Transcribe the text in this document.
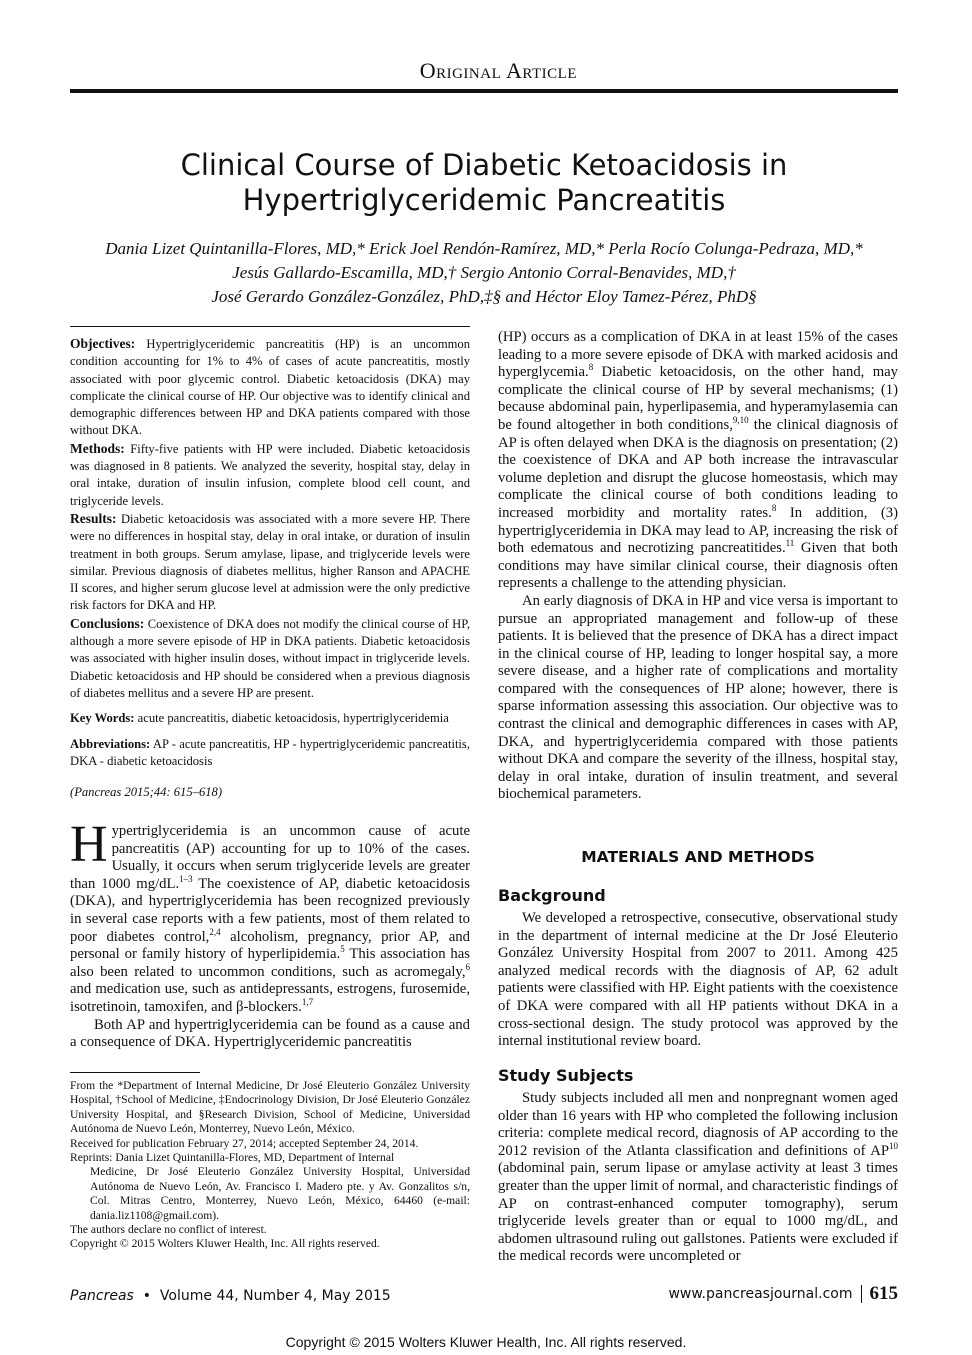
Original Article
Clinical Course of Diabetic Ketoacidosis in
Hypertriglyceridemic Pancreatitis
Dania Lizet Quintanilla-Flores, MD,* Erick Joel Rendón-Ramírez, MD,* Perla Rocío Colunga-Pedraza, MD,*
Jesús Gallardo-Escamilla, MD,† Sergio Antonio Corral-Benavides, MD,†
José Gerardo González-González, PhD,‡§ and Héctor Eloy Tamez-Pérez, PhD§

Objectives: Hypertriglyceridemic pancreatitis (HP) is an uncommon condition accounting for 1% to 4% of cases of acute pancreatitis, mostly associated with poor glycemic control. Diabetic ketoacidosis (DKA) may complicate the clinical course of HP. Our objective was to identify clinical and demographic differences between HP and DKA patients compared with those without DKA.

Methods: Fifty-five patients with HP were included. Diabetic ketoacidosis was diagnosed in 8 patients. We analyzed the severity, hospital stay, delay in oral intake, duration of insulin infusion, complete blood cell count, and triglyceride levels.

Results: Diabetic ketoacidosis was associated with a more severe HP. There were no differences in hospital stay, delay in oral intake, or duration of insulin treatment in both groups. Serum amylase, lipase, and triglyceride levels were similar. Previous diagnosis of diabetes mellitus, higher Ranson and APACHE II scores, and higher serum glucose level at admission were the only predictive risk factors for DKA and HP.

Conclusions: Coexistence of DKA does not modify the clinical course of HP, although a more severe episode of HP in DKA patients. Diabetic ketoacidosis was associated with higher insulin doses, without impact in triglyceride levels. Diabetic ketoacidosis and HP should be considered when a previous diagnosis of diabetes mellitus and a severe HP are present.

Key Words: acute pancreatitis, diabetic ketoacidosis, hypertriglyceridemia

Abbreviations: AP - acute pancreatitis, HP - hypertriglyceridemic pancreatitis, DKA - diabetic ketoacidosis

(Pancreas 2015;44: 615–618)

Hypertriglyceridemia is an uncommon cause of acute pancreatitis (AP) accounting for up to 10% of the cases. Usually, it occurs when serum triglyceride levels are greater than 1000 mg/dL.$^{1-3}$ The coexistence of AP, diabetic ketoacidosis (DKA), and hypertriglyceridemia has been recognized previously in several case reports with a few patients, most of them related to poor diabetes control,$^{2,4}$ alcoholism, pregnancy, prior AP, and personal or family history of hyperlipidemia.$^5$ This association has also been related to uncommon conditions, such as acromegaly,$^6$ and medication use, such as antidepressants, estrogens, furosemide, isotretinoin, tamoxifen, and β-blockers.$^{1,7}$

Both AP and hypertriglyceridemia can be found as a cause and a consequence of DKA. Hypertriglyceridemic pancreatitis

From the *Department of Internal Medicine, Dr José Eleuterio González University Hospital, †School of Medicine, ‡Endocrinology Division, Dr José Eleuterio González University Hospital, and §Research Division, School of Medicine, Universidad Autónoma de Nuevo León, Monterrey, Nuevo León, México.

Received for publication February 27, 2014; accepted September 24, 2014.

Reprints: Dania Lizet Quintanilla-Flores, MD, Department of Internal

Medicine, Dr José Eleuterio González University Hospital, Universidad Autónoma de Nuevo León, Av. Francisco I. Madero pte. y Av. Gonzalitos s/n, Col. Mitras Centro, Monterrey, Nuevo León, México, 64460 (e-mail: dania.liz1108@gmail.com).

The authors declare no conflict of interest.

Copyright © 2015 Wolters Kluwer Health, Inc. All rights reserved.

(HP) occurs as a complication of DKA in at least 15% of the cases leading to a more severe episode of DKA with marked acidosis and hyperglycemia.$^8$ Diabetic ketoacidosis, on the other hand, may complicate the clinical course of HP by several mechanisms; (1) because abdominal pain, hyperlipasemia, and hyperamylasemia can be found altogether in both conditions,$^{9,10}$ the clinical diagnosis of AP is often delayed when DKA is the diagnosis on presentation; (2) the coexistence of DKA and AP both increase the intravascular volume depletion and disrupt the glucose homeostasis, which may complicate the clinical course of both conditions leading to increased morbidity and mortality rates.$^8$ In addition, (3) hypertriglyceridemia in DKA may lead to AP, increasing the risk of both edematous and necrotizing pancreatitides.$^{11}$ Given that both conditions may have similar clinical course, their diagnosis often represents a challenge to the attending physician.

An early diagnosis of DKA in HP and vice versa is important to pursue an appropriated management and follow-up of these patients. It is believed that the presence of DKA has a direct impact in the clinical course of HP, leading to longer hospital say, a more severe disease, and a higher rate of complications and mortality compared with the consequences of HP alone; however, there is sparse information assessing this association. Our objective was to contrast the clinical and demographic differences in cases with AP, DKA, and hypertriglyceridemia compared with those patients without DKA and compare the severity of the illness, hospital stay, delay in oral intake, duration of insulin treatment, and several biochemical parameters.

MATERIALS AND METHODS
Background

We developed a retrospective, consecutive, observational study in the department of internal medicine at the Dr José Eleuterio González University Hospital from 2007 to 2011. Among 425 analyzed medical records with the diagnosis of AP, 62 adult patients were classified with HP. Eight patients with the coexistence of DKA were compared with all HP patients without DKA in a cross-sectional design. The study protocol was approved by the internal institutional review board.

Study Subjects

Study subjects included all men and nonpregnant women aged older than 16 years with HP who completed the following inclusion criteria: complete medical record, diagnosis of AP according to the 2012 revision of the Atlanta classification and definitions of AP$^{10}$ (abdominal pain, serum lipase or amylase activity at least 3 times greater than the upper limit of normal, and characteristic findings of AP on contrast-enhanced computer tomography), serum triglyceride levels greater than or equal to 1000 mg/dL, and abdomen ultrasound ruling out gallstones. Patients were excluded if the medical records were uncompleted or

Pancreas  •  Volume 44, Number 4, May 2015	www.pancreasjournal.com 615
Copyright © 2015 Wolters Kluwer Health, Inc. All rights reserved.
